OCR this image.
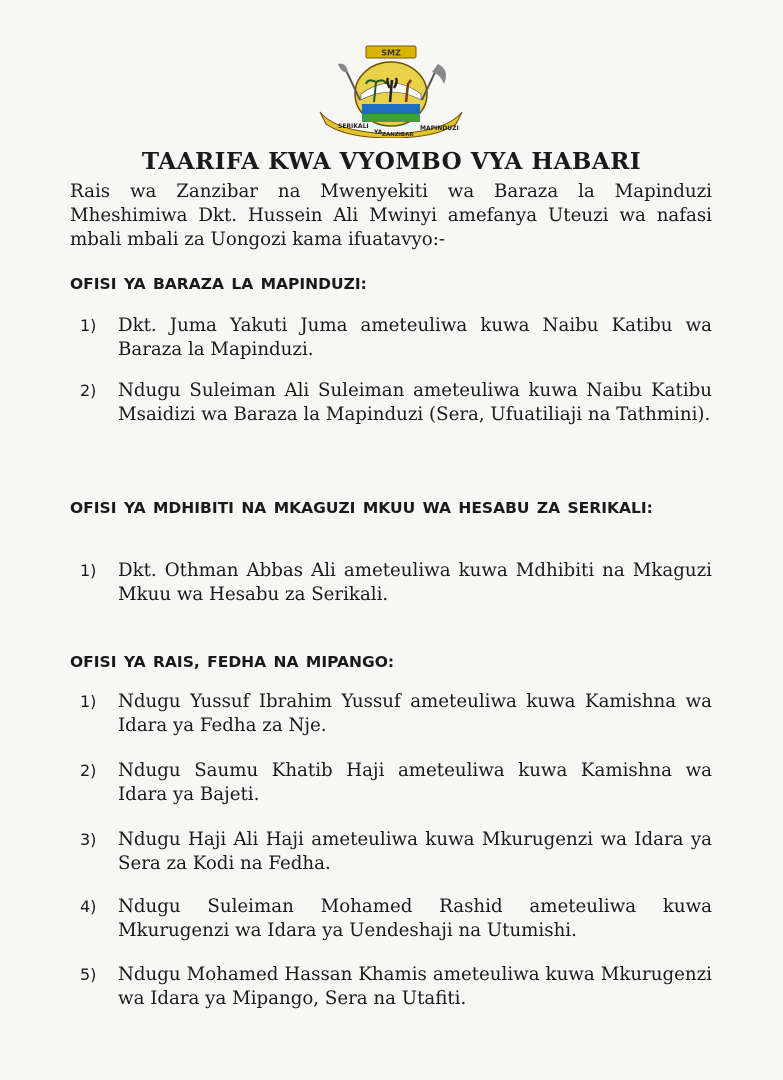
SMZ
SERIKALI
YA ZANZIBAR
MAPINDUZI
TAARIFA KWA VYOMBO VYA HABARI
Rais wa Zanzibar na Mwenyekiti wa Baraza la Mapinduzi Mheshimiwa Dkt. Hussein Ali Mwinyi amefanya Uteuzi wa nafasi mbali mbali za Uongozi kama ifuatavyo:-
OFISI YA BARAZA LA MAPINDUZI:
1)	Dkt. Juma Yakuti Juma ameteuliwa kuwa Naibu Katibu wa Baraza la Mapinduzi.
2)	Ndugu Suleiman Ali Suleiman ameteuliwa kuwa Naibu Katibu Msaidizi wa Baraza la Mapinduzi (Sera, Ufuatiliaji na Tathmini).
OFISI YA MDHIBITI NA MKAGUZI MKUU WA HESABU ZA SERIKALI:
1)	Dkt. Othman Abbas Ali ameteuliwa kuwa Mdhibiti na Mkaguzi Mkuu wa Hesabu za Serikali.
OFISI YA RAIS, FEDHA NA MIPANGO:
1)	Ndugu Yussuf Ibrahim Yussuf ameteuliwa kuwa Kamishna wa Idara ya Fedha za Nje.
2)	Ndugu Saumu Khatib Haji ameteuliwa kuwa Kamishna wa Idara ya Bajeti.
3)	Ndugu Haji Ali Haji ameteuliwa kuwa Mkurugenzi wa Idara ya Sera za Kodi na Fedha.
4)	Ndugu Suleiman Mohamed Rashid ameteuliwa kuwa Mkurugenzi wa Idara ya Uendeshaji na Utumishi.
5)	Ndugu Mohamed Hassan Khamis ameteuliwa kuwa Mkurugenzi wa Idara ya Mipango, Sera na Utafiti.
